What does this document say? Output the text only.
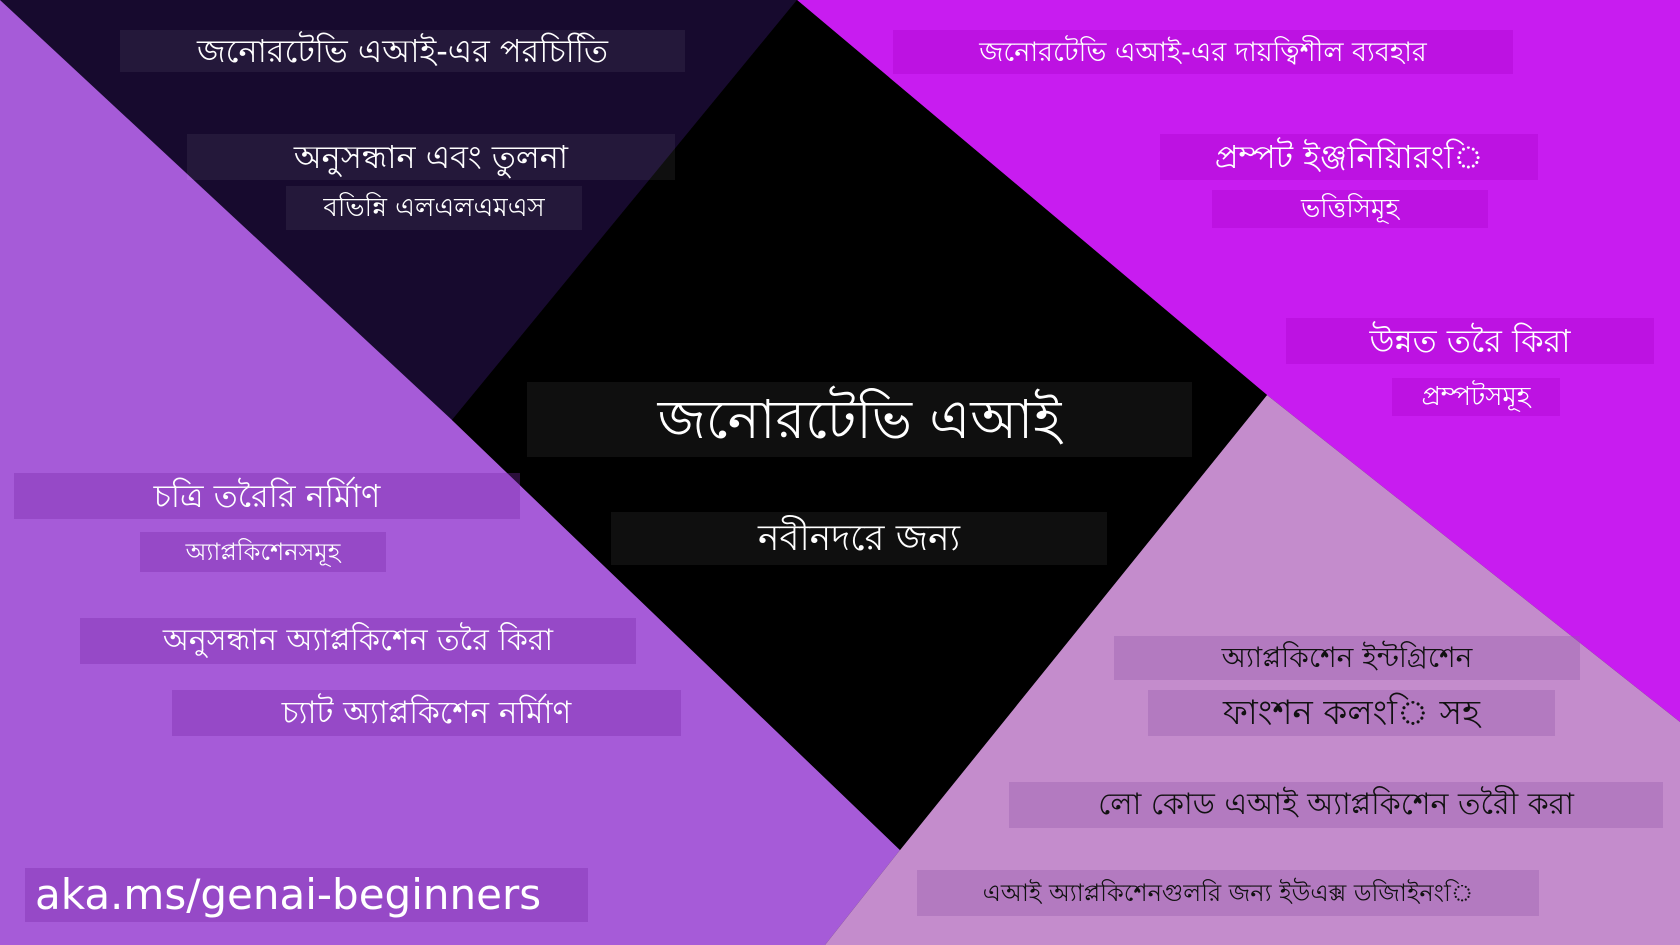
জনোরটেভি এআই-এর পরচিতিি
অনুসন্ধান এবং তুলনা
বভিন্নি এলএলএমএস
জনোরটেভি এআই-এর দায়ত্বিশীল ব্যবহার
প্রম্পট ইঞ্জনিয়িারংি
ভত্তিসিমূহ
উন্নত তরৈ কিরা
প্রম্পটসমূহ
জনোরটেভি এআই
নবীনদরে জন্য
চত্রি তরৈরি নর্মিাণ
অ্যাপ্লকিশেনসমূহ
অনুসন্ধান অ্যাপ্লকিশেন তরৈ কিরা
চ্যাট অ্যাপ্লকিশেন নর্মিাণ
অ্যাপ্লকিশেন ইন্টগ্রিশেন
ফাংশন কলংি সহ
লো কোড এআই অ্যাপ্লকিশেন তরৈী করা
এআই অ্যাপ্লকিশেনগুলরি জন্য ইউএক্স ডজিাইনংি
aka.ms/genai-beginners
